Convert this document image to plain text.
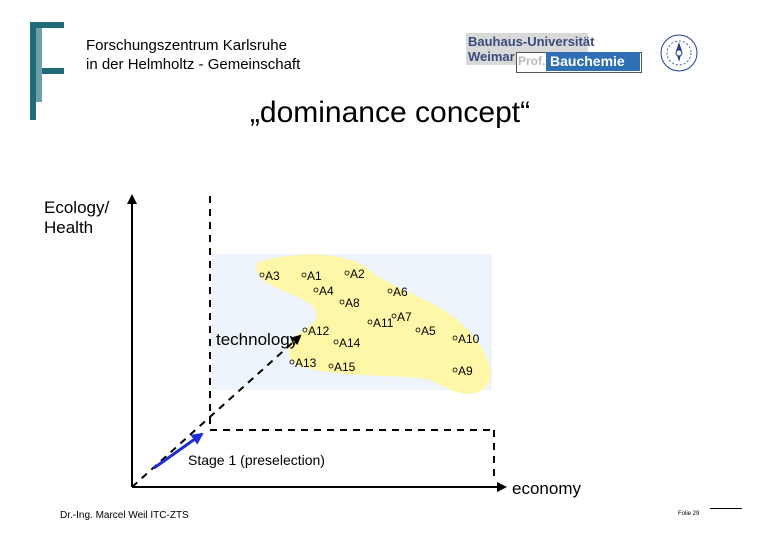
Forschungszentrum Karlsruhe
in der Helmholtz - Gemeinschaft
Bauhaus-Universität
Weimar Prof. Bauchemie
„dominance concept“
Ecology/
Health
technology
economy
Stage 1 (preselection)
A3 A1 A2
A4	A6
A8
A7
A11
A5
A10
A12
A14
A13 A15	A9
Dr.-Ing. Marcel Weil ITC-ZTS	Folie 29
